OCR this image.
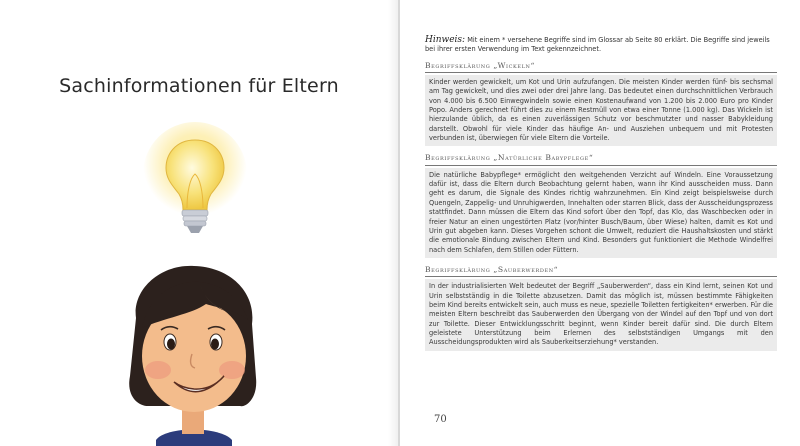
Sachinformationen für Eltern
Hinweis: Mit einem * versehene Begriffe sind im Glossar ab Seite 80 erklärt. Die Begriffe sind jeweils bei ihrer ersten Verwendung im Text gekennzeichnet.
Begriffsklärung „Wickeln“
Kinder werden gewickelt, um Kot und Urin aufzufangen. Die meisten Kinder werden fünf- bis sechsmal am Tag gewickelt, und dies zwei oder drei Jahre lang. Das bedeutet einen durchschnittlichen Verbrauch von 4.000 bis 6.500 Einwegwindeln sowie einen Kostenaufwand von 1.200 bis 2.000 Euro pro Kinder Popo. Anders gerechnet führt dies zu einem Restmüll von etwa einer Tonne (1.000 kg). Das Wickeln ist hierzulande üblich, da es einen zuverlässigen Schutz vor beschmutzter und nasser Babykleidung darstellt. Obwohl für viele Kinder das häufige An- und Ausziehen unbequem und mit Protesten verbunden ist, überwiegen für viele Eltern die Vorteile.
Begriffsklärung „Natürliche Babypflege“
Die natürliche Babypflege* ermöglicht den weitgehenden Verzicht auf Windeln. Eine Voraussetzung dafür ist, dass die Eltern durch Beobachtung gelernt haben, wann ihr Kind ausscheiden muss. Dann geht es darum, die Signale des Kindes richtig wahrzunehmen. Ein Kind zeigt beispielsweise durch Quengeln, Zappelig- und Unruhigwerden, Innehalten oder starren Blick, dass der Ausscheidungsprozess stattfindet. Dann müssen die Eltern das Kind sofort über den Topf, das Klo, das Waschbecken oder in freier Natur an einen ungestörten Platz (vor/hinter Busch/Baum, über Wiese) halten, damit es Kot und Urin gut abgeben kann. Dieses Vorgehen schont die Umwelt, reduziert die Haushaltskosten und stärkt die emotionale Bindung zwischen Eltern und Kind. Besonders gut funktioniert die Methode Windelfrei nach dem Schlafen, dem Stillen oder Füttern.
Begriffsklärung „Sauberwerden“
In der industrialisierten Welt bedeutet der Begriff „Sauberwerden“, dass ein Kind lernt, seinen Kot und Urin selbstständig in die Toilette abzusetzen. Damit das möglich ist, müssen bestimmte Fähigkeiten beim Kind bereits entwickelt sein, auch muss es neue, spezielle Toiletten fertigkeiten* erwerben. Für die meisten Eltern beschreibt das Sauberwerden den Übergang von der Windel auf den Topf und von dort zur Toilette. Dieser Entwicklungsschritt beginnt, wenn Kinder bereit dafür sind. Die durch Eltern geleistete Unterstützung beim Erlernen des selbstständigen Umgangs mit den Ausscheidungsprodukten wird als Sauberkeitserziehung* verstanden.
70
